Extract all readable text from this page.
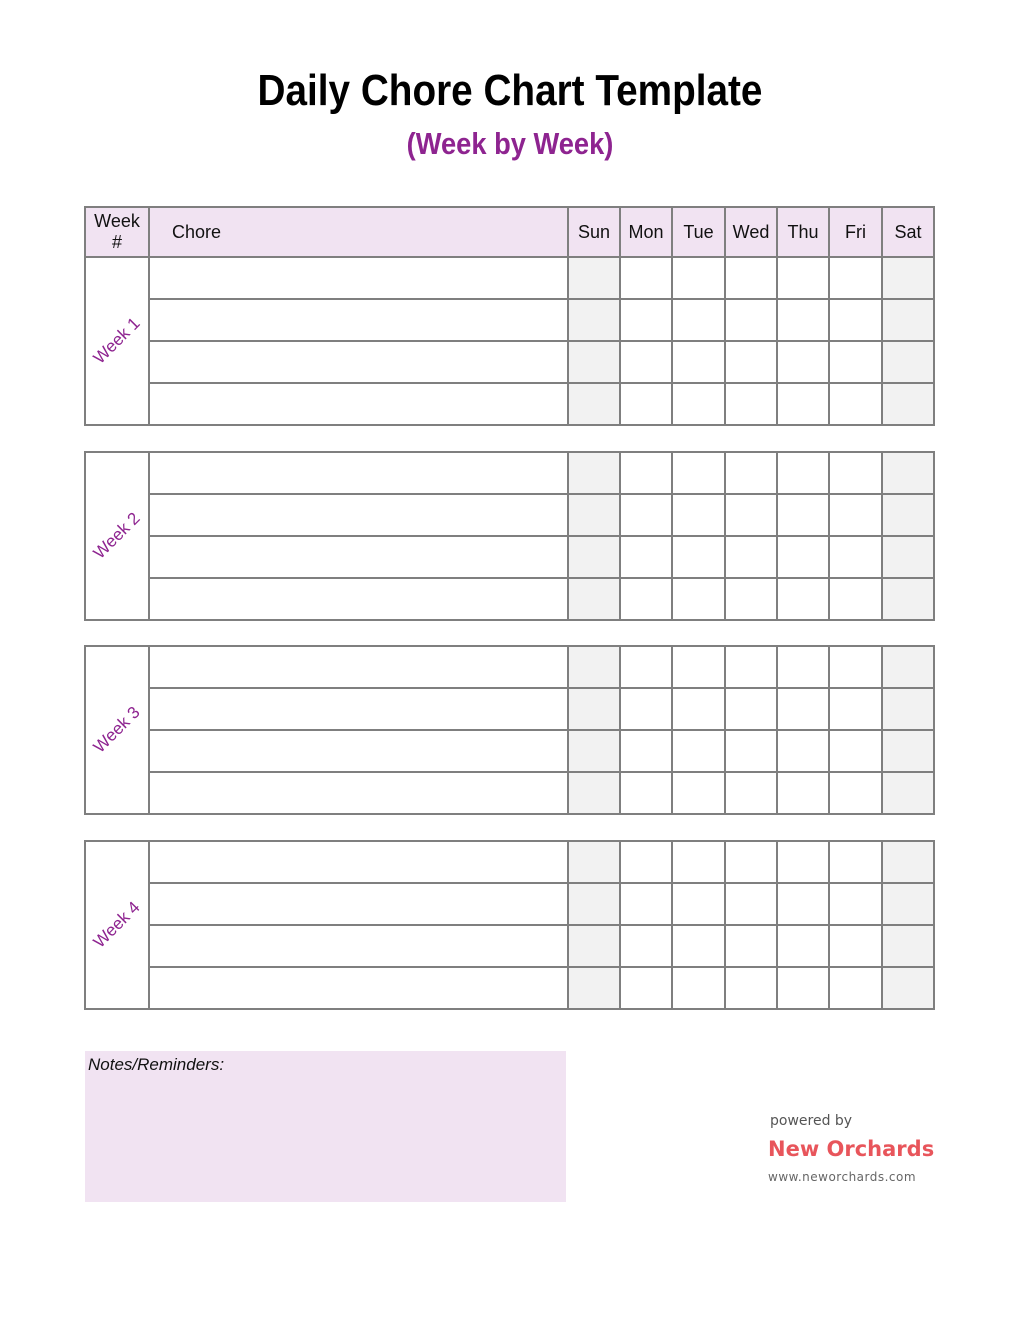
Daily Chore Chart Template
(Week by Week)
Week
#	Chore	Sun	Mon	Tue	Wed	Thu	Fri	Sat

Week 1								

Week 2								

Week 3								

Week 4								

Notes/Reminders:
powered by
New Orchards
www.neworchards.com
